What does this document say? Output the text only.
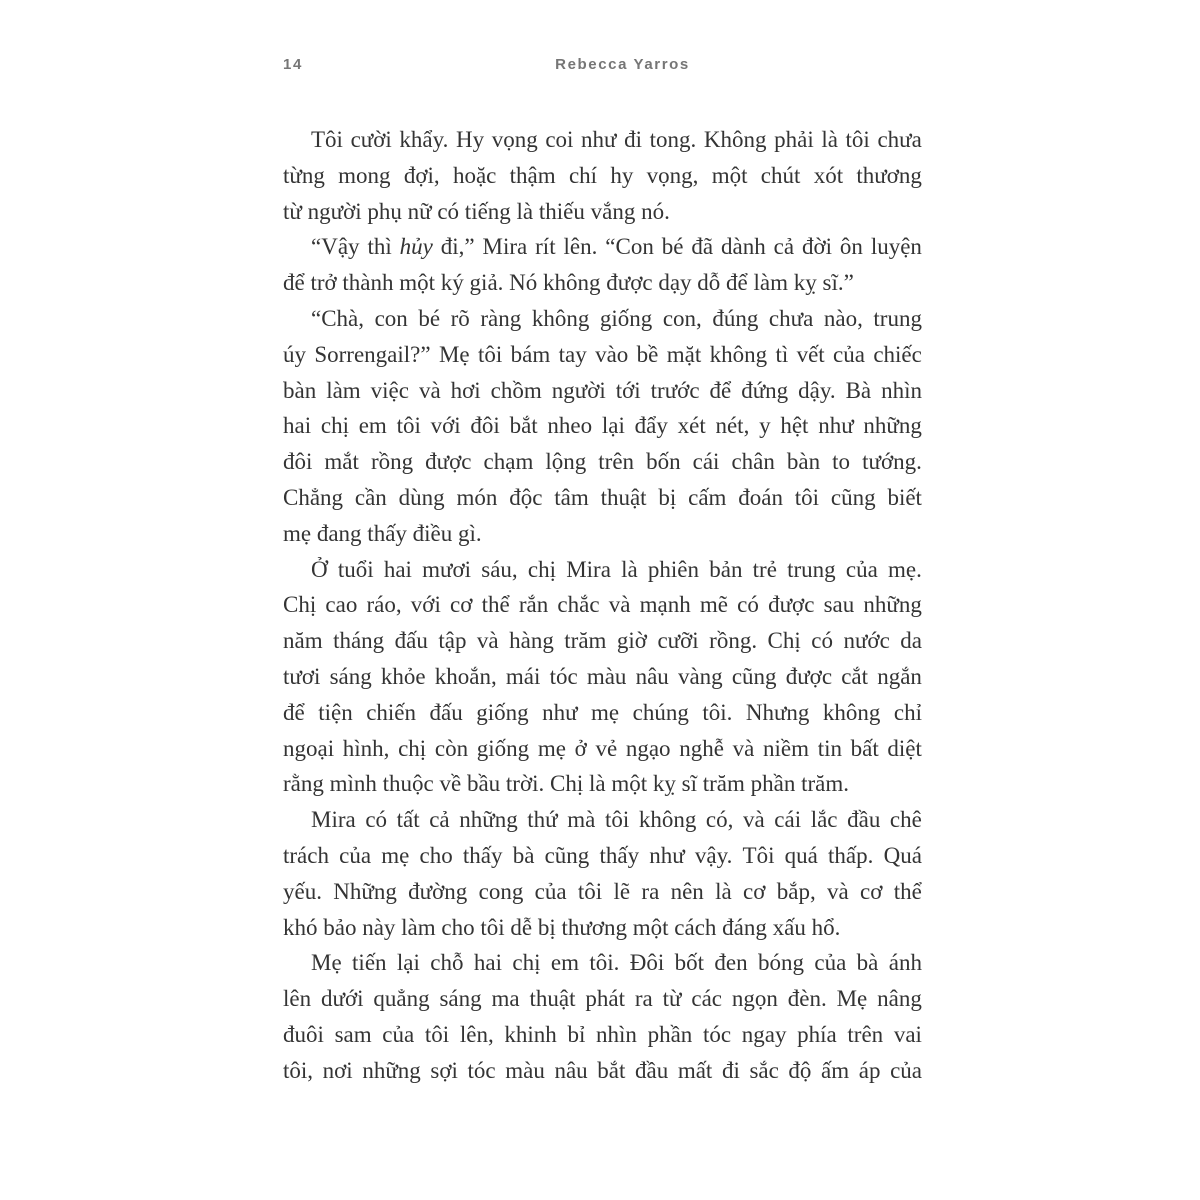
14	Rebecca Yarros
Tôi cười khẩy. Hy vọng coi như đi tong. Không phải là tôi chưa
từng mong đợi, hoặc thậm chí hy vọng, một chút xót thương
từ người phụ nữ có tiếng là thiếu vắng nó.
“Vậy thì hủy đi,” Mira rít lên. “Con bé đã dành cả đời ôn luyện
để trở thành một ký giả. Nó không được dạy dỗ để làm kỵ sĩ.”
“Chà, con bé rõ ràng không giống con, đúng chưa nào, trung
úy Sorrengail?” Mẹ tôi bám tay vào bề mặt không tì vết của chiếc
bàn làm việc và hơi chồm người tới trước để đứng dậy. Bà nhìn
hai chị em tôi với đôi bắt nheo lại đẩy xét nét, y hệt như những
đôi mắt rồng được chạm lộng trên bốn cái chân bàn to tướng.
Chẳng cần dùng món độc tâm thuật bị cấm đoán tôi cũng biết
mẹ đang thấy điều gì.
Ở tuổi hai mươi sáu, chị Mira là phiên bản trẻ trung của mẹ.
Chị cao ráo, với cơ thể rắn chắc và mạnh mẽ có được sau những
năm tháng đấu tập và hàng trăm giờ cưỡi rồng. Chị có nước da
tươi sáng khỏe khoắn, mái tóc màu nâu vàng cũng được cắt ngắn
để tiện chiến đấu giống như mẹ chúng tôi. Nhưng không chỉ
ngoại hình, chị còn giống mẹ ở vẻ ngạo nghễ và niềm tin bất diệt
rằng mình thuộc về bầu trời. Chị là một kỵ sĩ trăm phần trăm.
Mira có tất cả những thứ mà tôi không có, và cái lắc đầu chê
trách của mẹ cho thấy bà cũng thấy như vậy. Tôi quá thấp. Quá
yếu. Những đường cong của tôi lẽ ra nên là cơ bắp, và cơ thể
khó bảo này làm cho tôi dễ bị thương một cách đáng xấu hổ.
Mẹ tiến lại chỗ hai chị em tôi. Đôi bốt đen bóng của bà ánh
lên dưới quẳng sáng ma thuật phát ra từ các ngọn đèn. Mẹ nâng
đuôi sam của tôi lên, khinh bỉ nhìn phần tóc ngay phía trên vai
tôi, nơi những sợi tóc màu nâu bắt đầu mất đi sắc độ ấm áp của
